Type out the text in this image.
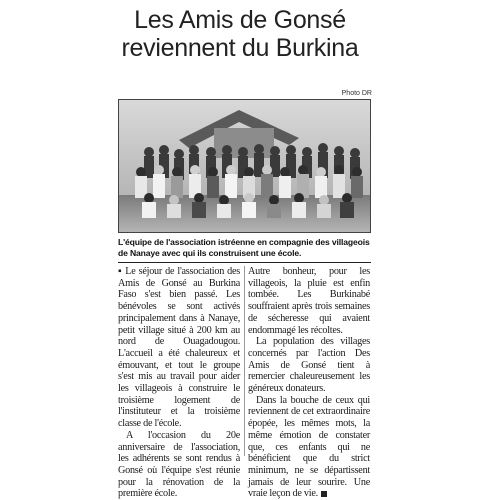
Les Amis de Gonsé
reviennent du Burkina
Photo DR
L'équipe de l'association istréenne en compagnie des villageois de Nanaye avec qui ils construisent une école.

▪ Le séjour de l'association des Amis de Gonsé au Burkina Faso s'est bien passé. Les bénévoles se sont activés principalement dans à Nanaye, petit village situé à 200 km au nord de Ouagadougou. L'accueil a été chaleureux et émouvant, et tout le groupe s'est mis au travail pour aider les villageois à construire le troisième logement de l'instituteur et la troisième classe de l'école.

A l'occasion du 20e anniversaire de l'association, les adhérents se sont rendus à Gonsé où l'équipe s'est réunie pour la rénovation de la première école.

Autre bonheur, pour les villageois, la pluie est enfin tombée. Les Burkinabé souffraient après trois semaines de sécheresse qui avaient endommagé les récoltes.

La population des villages concernés par l'action Des Amis de Gonsé tient à remercier chaleureusement les généreux donateurs.

Dans la bouche de ceux qui reviennent de cet extraordinaire épopée, les mêmes mots, la même émotion de constater que, ces enfants qui ne bénéficient que du strict minimum, ne se départissent jamais de leur sourire. Une vraie leçon de vie.
